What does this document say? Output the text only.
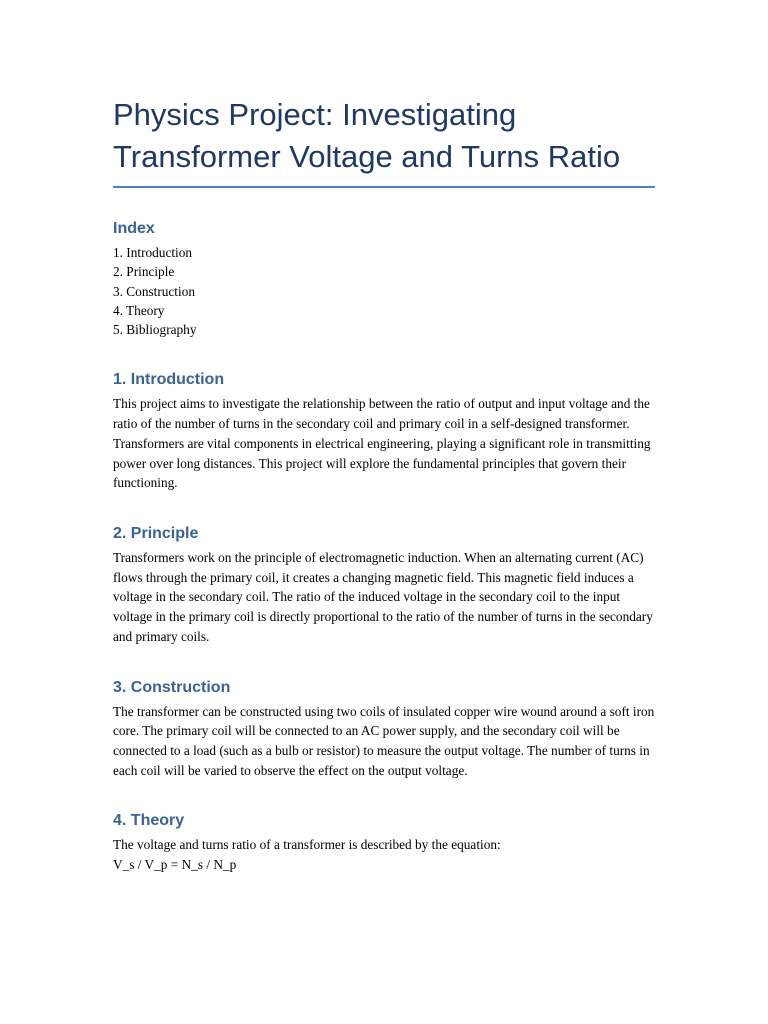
Physics Project: Investigating
Transformer Voltage and Turns Ratio
Index
1. Introduction
2. Principle
3. Construction
4. Theory
5. Bibliography
1. Introduction

This project aims to investigate the relationship between the ratio of output and input voltage and the ratio of the number of turns in the secondary coil and primary coil in a self-designed transformer. Transformers are vital components in electrical engineering, playing a significant role in transmitting power over long distances. This project will explore the fundamental principles that govern their functioning.

2. Principle

Transformers work on the principle of electromagnetic induction. When an alternating current (AC) flows through the primary coil, it creates a changing magnetic field. This magnetic field induces a voltage in the secondary coil. The ratio of the induced voltage in the secondary coil to the input voltage in the primary coil is directly proportional to the ratio of the number of turns in the secondary and primary coils.

3. Construction

The transformer can be constructed using two coils of insulated copper wire wound around a soft iron core. The primary coil will be connected to an AC power supply, and the secondary coil will be connected to a load (such as a bulb or resistor) to measure the output voltage. The number of turns in each coil will be varied to observe the effect on the output voltage.

4. Theory

The voltage and turns ratio of a transformer is described by the equation:

V_s / V_p = N_s / N_p
